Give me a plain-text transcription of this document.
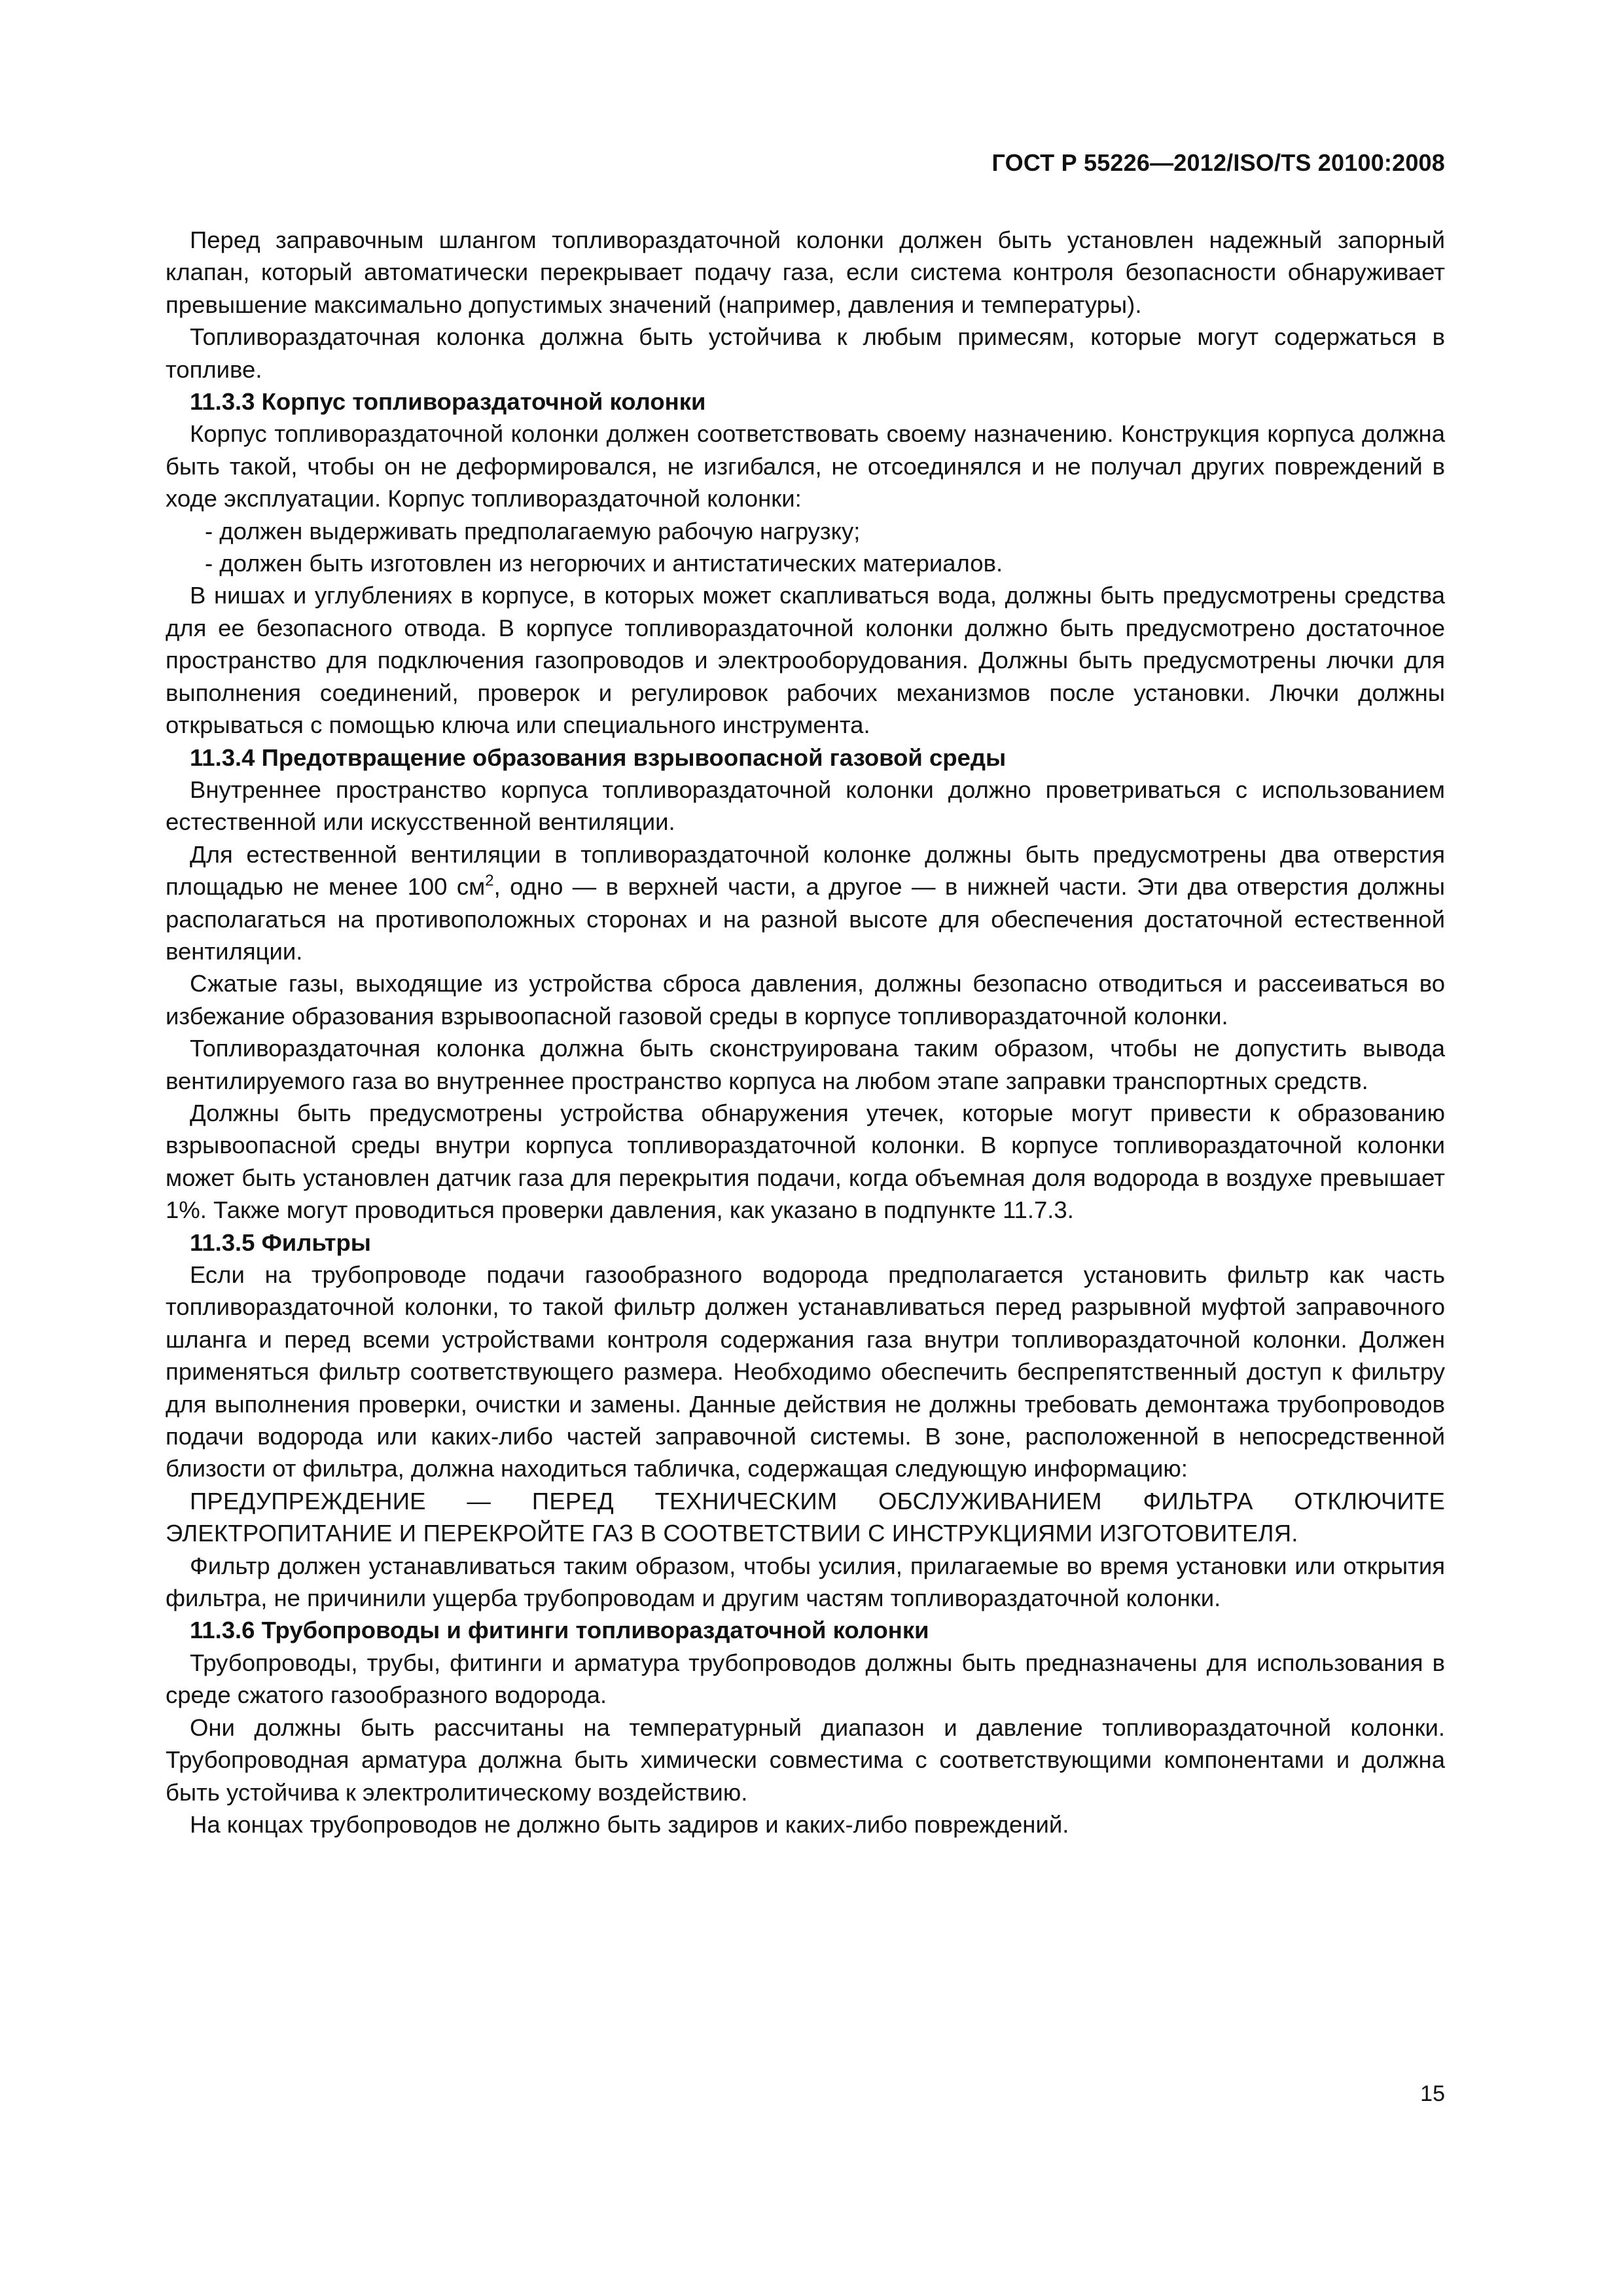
ГОСТ Р 55226—2012/ISO/TS 20100:2008

Перед заправочным шлангом топливораздаточной колонки должен быть установлен надежный запорный клапан, который автоматически перекрывает подачу газа, если система контроля безопасности обнаруживает превышение максимально допустимых значений (например, давления и температуры).

Топливораздаточная колонка должна быть устойчива к любым примесям, которые могут содержаться в топливе.

11.3.3 Корпус топливораздаточной колонки

Корпус топливораздаточной колонки должен соответствовать своему назначению. Конструкция корпуса должна быть такой, чтобы он не деформировался, не изгибался, не отсоединялся и не получал других повреждений в ходе эксплуатации. Корпус топливораздаточной колонки:

- должен выдерживать предполагаемую рабочую нагрузку;

- должен быть изготовлен из негорючих и антистатических материалов.

В нишах и углублениях в корпусе, в которых может скапливаться вода, должны быть предусмотрены средства для ее безопасного отвода. В корпусе топливораздаточной колонки должно быть предусмотрено достаточное пространство для подключения газопроводов и электрооборудования. Должны быть предусмотрены лючки для выполнения соединений, проверок и регулировок рабочих механизмов после установки. Лючки должны открываться с помощью ключа или специального инструмента.

11.3.4 Предотвращение образования взрывоопасной газовой среды

Внутреннее пространство корпуса топливораздаточной колонки должно проветриваться с использованием естественной или искусственной вентиляции.

Для естественной вентиляции в топливораздаточной колонке должны быть предусмотрены два отверстия площадью не менее 100 $см^2$, одно — в верхней части, а другое — в нижней части. Эти два отверстия должны располагаться на противоположных сторонах и на разной высоте для обеспечения достаточной естественной вентиляции.

Сжатые газы, выходящие из устройства сброса давления, должны безопасно отводиться и рассеиваться во избежание образования взрывоопасной газовой среды в корпусе топливораздаточной колонки.

Топливораздаточная колонка должна быть сконструирована таким образом, чтобы не допустить вывода вентилируемого газа во внутреннее пространство корпуса на любом этапе заправки транспортных средств.

Должны быть предусмотрены устройства обнаружения утечек, которые могут привести к образованию взрывоопасной среды внутри корпуса топливораздаточной колонки. В корпусе топливораздаточной колонки может быть установлен датчик газа для перекрытия подачи, когда объемная доля водорода в воздухе превышает 1%. Также могут проводиться проверки давления, как указано в подпункте 11.7.3.

11.3.5 Фильтры

Если на трубопроводе подачи газообразного водорода предполагается установить фильтр как часть топливораздаточной колонки, то такой фильтр должен устанавливаться перед разрывной муфтой заправочного шланга и перед всеми устройствами контроля содержания газа внутри топливораздаточной колонки. Должен применяться фильтр соответствующего размера. Необходимо обеспечить беспрепятственный доступ к фильтру для выполнения проверки, очистки и замены. Данные действия не должны требовать демонтажа трубопроводов подачи водорода или каких-либо частей заправочной системы. В зоне, расположенной в непосредственной близости от фильтра, должна находиться табличка, содержащая следующую информацию:

ПРЕДУПРЕЖДЕНИЕ — ПЕРЕД ТЕХНИЧЕСКИМ ОБСЛУЖИВАНИЕМ ФИЛЬТРА ОТКЛЮЧИТЕ ЭЛЕКТРОПИТАНИЕ И ПЕРЕКРОЙТЕ ГАЗ В СООТВЕТСТВИИ С ИНСТРУКЦИЯМИ ИЗГОТОВИТЕЛЯ.

Фильтр должен устанавливаться таким образом, чтобы усилия, прилагаемые во время установки или открытия фильтра, не причинили ущерба трубопроводам и другим частям топливораздаточной колонки.

11.3.6 Трубопроводы и фитинги топливораздаточной колонки

Трубопроводы, трубы, фитинги и арматура трубопроводов должны быть предназначены для использования в среде сжатого газообразного водорода.

Они должны быть рассчитаны на температурный диапазон и давление топливораздаточной колонки. Трубопроводная арматура должна быть химически совместима с соответствующими компонентами и должна быть устойчива к электролитическому воздействию.

На концах трубопроводов не должно быть задиров и каких-либо повреждений.

15
